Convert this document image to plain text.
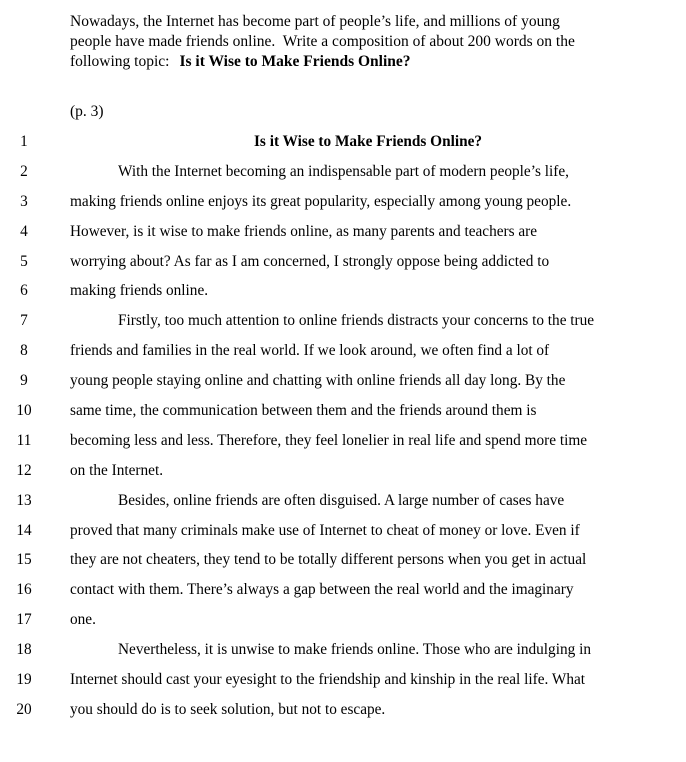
Nowadays, the Internet has become part of people’s life, and millions of young
people have made friends online.  Write a composition of about 200 words on the
following topic: Is it Wise to Make Friends Online?
(p. 3)
1	Is it Wise to Make Friends Online?
2	With the Internet becoming an indispensable part of modern people’s life,
3	making friends online enjoys its great popularity, especially among young people.
4	However, is it wise to make friends online, as many parents and teachers are
5	worrying about? As far as I am concerned, I strongly oppose being addicted to
6	making friends online.
7	Firstly, too much attention to online friends distracts your concerns to the true
8	friends and families in the real world. If we look around, we often find a lot of
9	young people staying online and chatting with online friends all day long. By the
10	same time, the communication between them and the friends around them is
11	becoming less and less. Therefore, they feel lonelier in real life and spend more time
12	on the Internet.
13	Besides, online friends are often disguised. A large number of cases have
14	proved that many criminals make use of Internet to cheat of money or love. Even if
15	they are not cheaters, they tend to be totally different persons when you get in actual
16	contact with them. There’s always a gap between the real world and the imaginary
17	one.
18	Nevertheless, it is unwise to make friends online. Those who are indulging in
19	Internet should cast your eyesight to the friendship and kinship in the real life. What
20	you should do is to seek solution, but not to escape.
